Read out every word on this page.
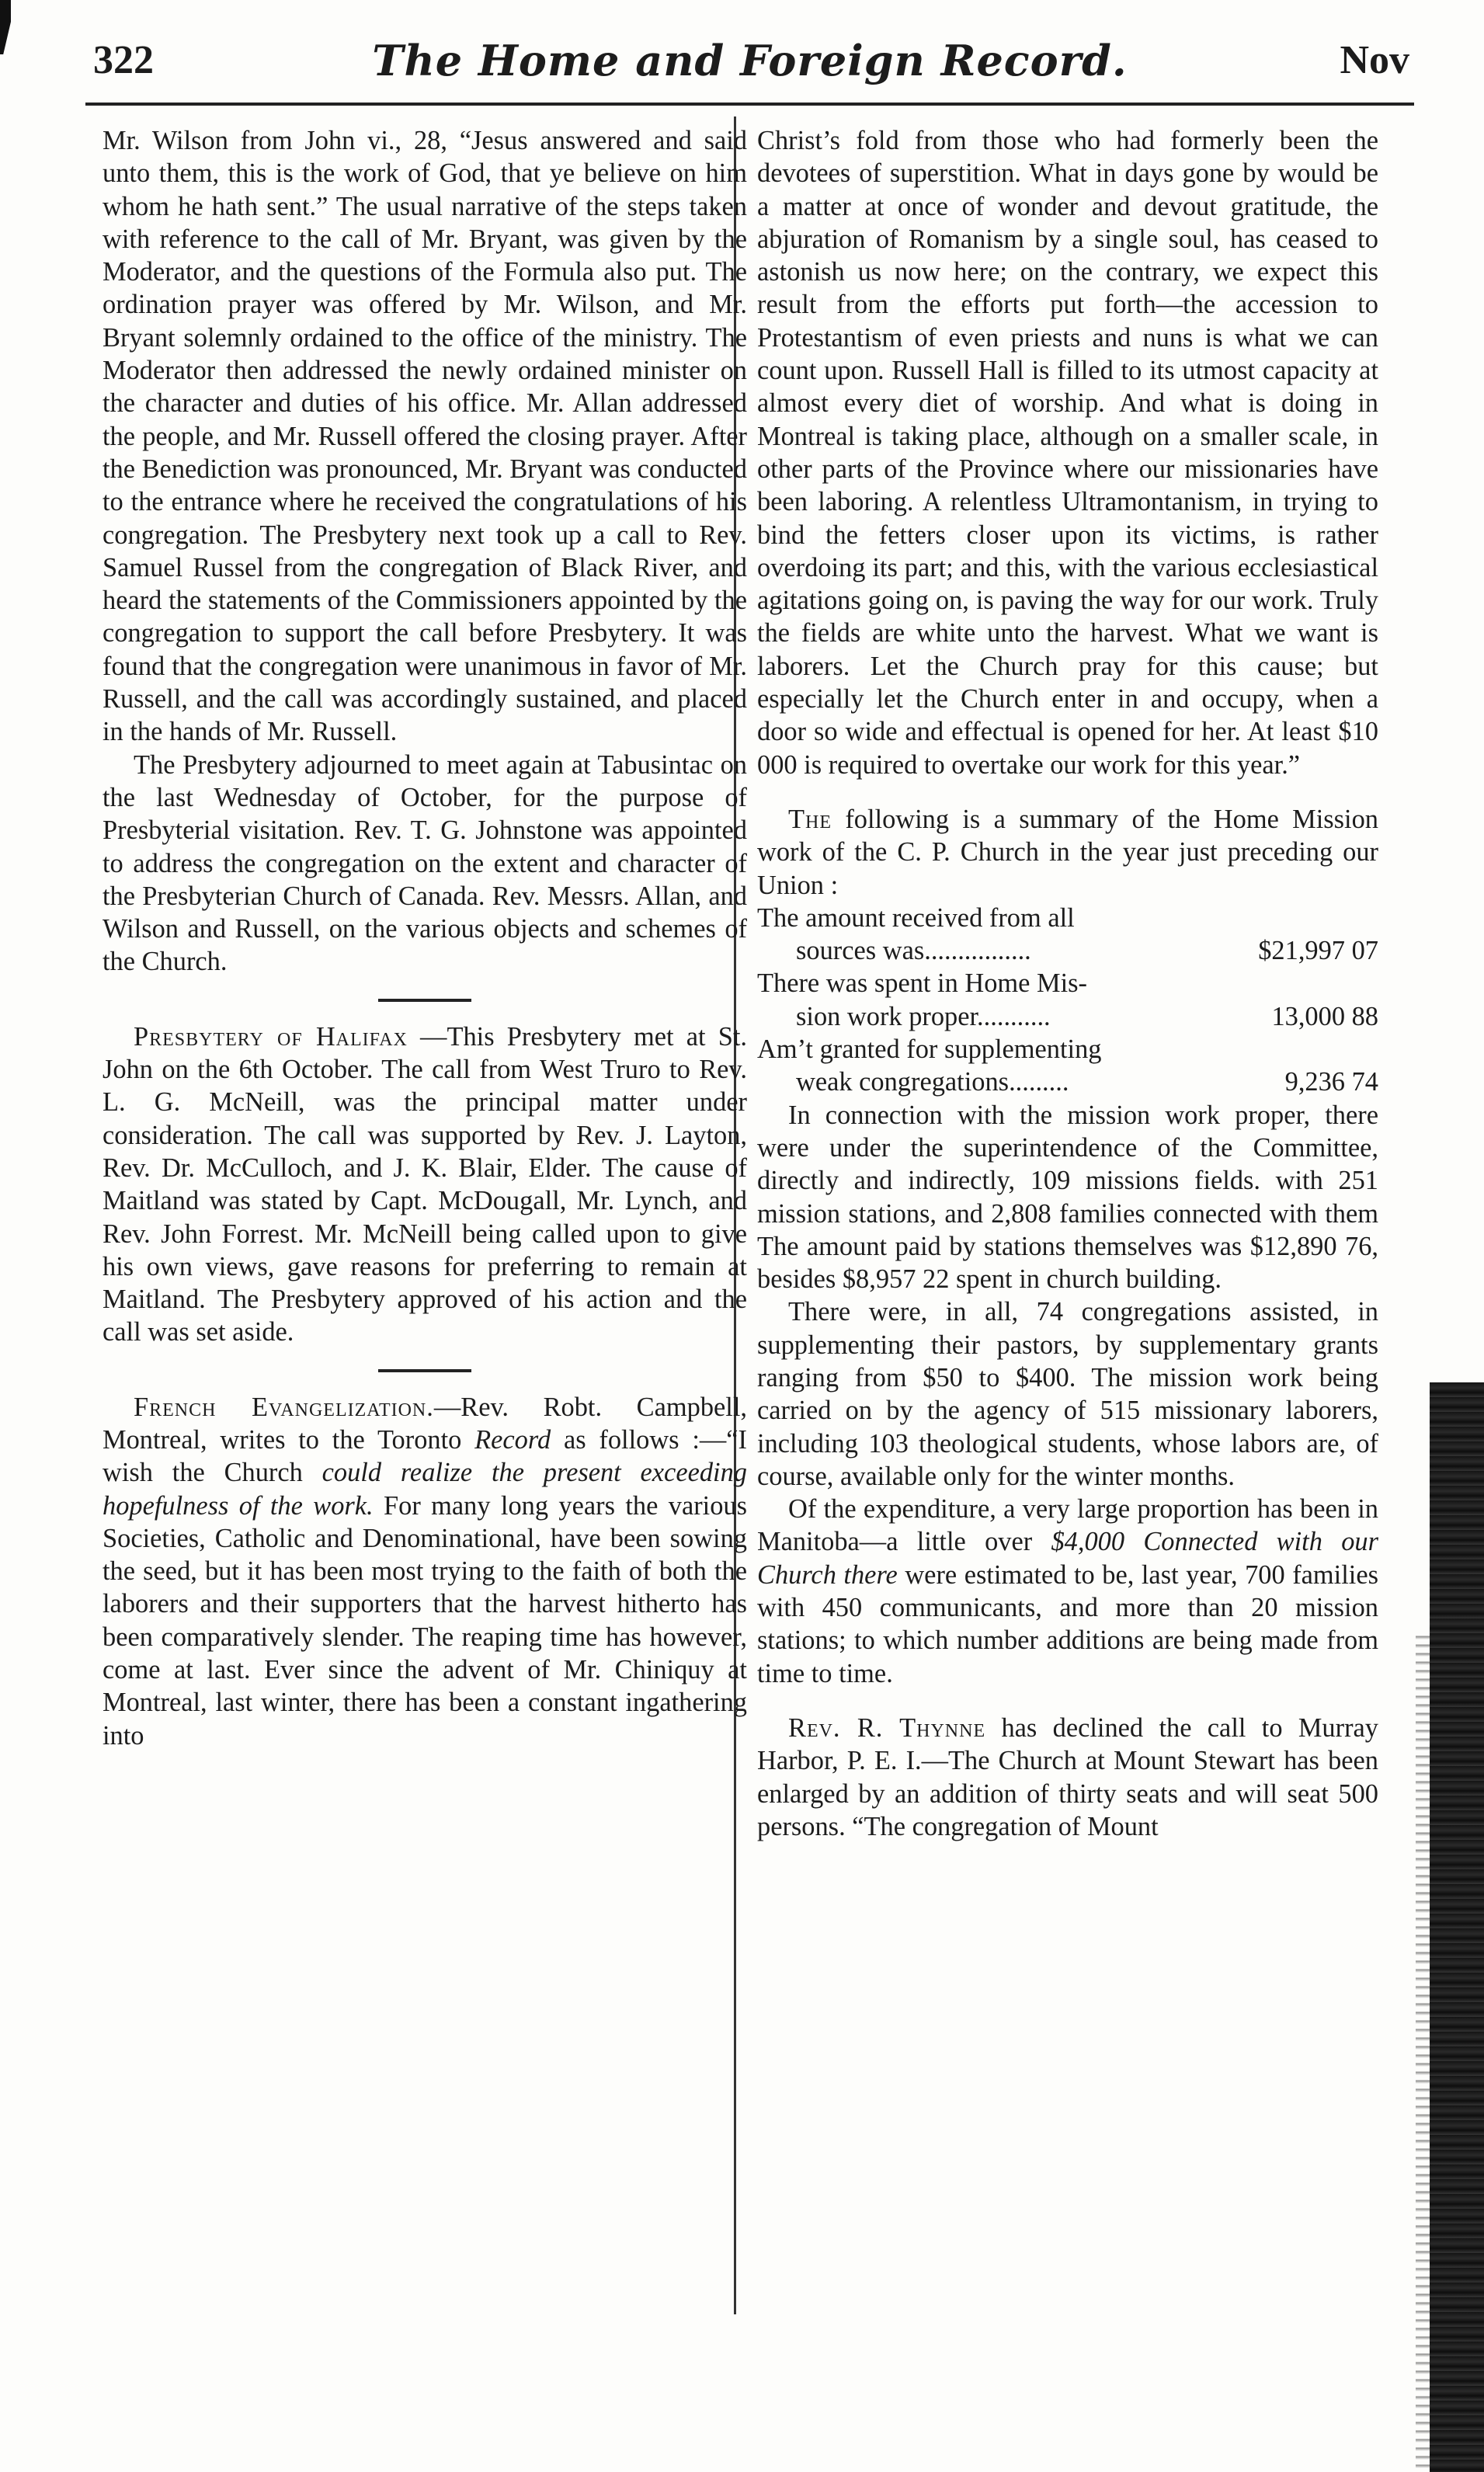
322	The Home and Foreign Record.	Nov

Mr. Wilson from John vi., 28, “Jesus answered and said unto them, this is the work of God, that ye believe on him whom he hath sent.” The usual narrative of the steps taken with reference to the call of Mr. Bryant, was given by the Moderator, and the questions of the Formula also put. The ordination prayer was offered by Mr. Wilson, and Mr. Bryant solemnly ordained to the office of the ministry. The Moderator then addressed the newly ordained minister on the character and duties of his office. Mr. Allan addressed the people, and Mr. Russell offered the closing prayer. After the Benediction was pronounced, Mr. Bryant was conducted to the entrance where he received the congratulations of his congregation. The Presbytery next took up a call to Rev. Samuel Russel from the congregation of Black River, and heard the statements of the Commissioners appointed by the congregation to support the call before Presbytery. It was found that the congregation were unanimous in favor of Mr. Russell, and the call was accordingly sustained, and placed in the hands of Mr. Russell.

The Presbytery adjourned to meet again at Tabusintac on the last Wednesday of October, for the purpose of Presbyterial visitation. Rev. T. G. Johnstone was appointed to address the congregation on the extent and character of the Presbyterian Church of Canada. Rev. Messrs. Allan, and Wilson and Russell, on the various objects and schemes of the Church.

Presbytery of Halifax —This Presbytery met at St. John on the 6th October. The call from West Truro to Rev. L. G. McNeill, was the principal matter under consideration. The call was supported by Rev. J. Layton, Rev. Dr. McCulloch, and J. K. Blair, Elder. The cause of Maitland was stated by Capt. McDougall, Mr. Lynch, and Rev. John Forrest. Mr. McNeill being called upon to give his own views, gave reasons for preferring to remain at Maitland. The Presbytery approved of his action and the call was set aside.

French Evangelization.—Rev. Robt. Campbell, Montreal, writes to the Toronto Record as follows :—“I wish the Church could realize the present exceeding hopefulness of the work. For many long years the various Societies, Catholic and Denominational, have been sowing the seed, but it has been most trying to the faith of both the laborers and their supporters that the harvest hitherto has been comparatively slender. The reaping time has however, come at last. Ever since the advent of Mr. Chiniquy at Montreal, last winter, there has been a constant ingathering into

Christ’s fold from those who had formerly been the devotees of superstition. What in days gone by would be a matter at once of wonder and devout gratitude, the abjuration of Romanism by a single soul, has ceased to astonish us now here; on the contrary, we expect this result from the efforts put forth—the accession to Protestantism of even priests and nuns is what we can count upon. Russell Hall is filled to its utmost capacity at almost every diet of worship. And what is doing in Montreal is taking place, although on a smaller scale, in other parts of the Province where our missionaries have been laboring. A relentless Ultramontanism, in trying to bind the fetters closer upon its victims, is rather overdoing its part; and this, with the various ecclesiastical agitations going on, is paving the way for our work. Truly the fields are white unto the harvest. What we want is laborers. Let the Church pray for this cause; but especially let the Church enter in and occupy, when a door so wide and effectual is opened for her. At least $10 000 is required to overtake our work for this year.”

The following is a summary of the Home Mission work of the C. P. Church in the year just preceding our Union :

The amount received from all
sources was................	$21,997 07
There was spent in Home Mis-
sion work proper...........	13,000 88
Am’t granted for supplementing
weak congregations.........	9,236 74

In connection with the mission work proper, there were under the superintendence of the Committee, directly and indirectly, 109 missions fields. with 251 mission stations, and 2,808 families connected with them The amount paid by stations themselves was $12,890 76, besides $8,957 22 spent in church building.

There were, in all, 74 congregations assisted, in supplementing their pastors, by supplementary grants ranging from $50 to $400. The mission work being carried on by the agency of 515 missionary laborers, including 103 theological students, whose labors are, of course, available only for the winter months.

Of the expenditure, a very large proportion has been in Manitoba—a little over $4,000 Connected with our Church there were estimated to be, last year, 700 families with 450 communicants, and more than 20 mission stations; to which number additions are being made from time to time.

Rev. R. Thynne has declined the call to Murray Harbor, P. E. I.—The Church at Mount Stewart has been enlarged by an addition of thirty seats and will seat 500 persons. “The congregation of Mount
